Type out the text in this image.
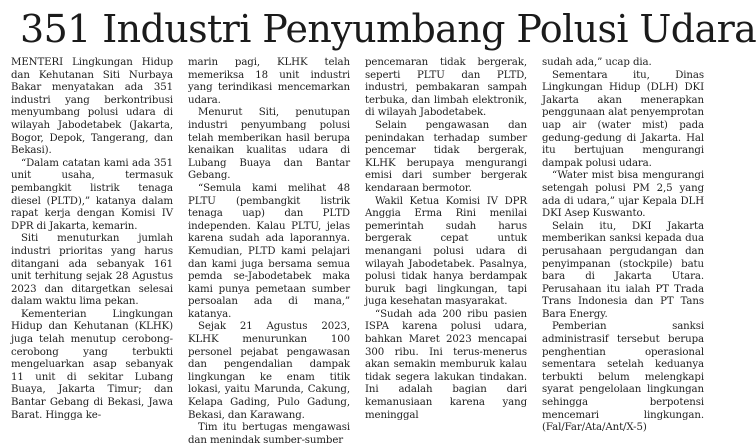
351 Industri Penyumbang Polusi Udara

MENTERI Lingkungan Hidup dan Kehutanan Siti Nurbaya Bakar menyatakan ada 351 industri yang berkontribusi menyumbang polusi udara di wilayah Jabodetabek (Jakarta, Bogor, Depok, Tangerang, dan Bekasi).

“Dalam catatan kami ada 351 unit usaha, termasuk pembangkit listrik tenaga diesel (PLTD),” katanya dalam rapat kerja dengan Komisi IV DPR di Jakarta, kemarin.

Siti menuturkan jumlah industri prioritas yang harus ditangani ada sebanyak 161 unit terhitung sejak 28 Agustus 2023 dan ditargetkan selesai dalam waktu lima pekan.

Kementerian Lingkungan Hidup dan Kehutanan (KLHK) juga telah menutup cerobong-cerobong yang terbukti mengeluarkan asap sebanyak 11 unit di sekitar Lubang Buaya, Jakarta Timur; dan Bantar Gebang di Bekasi, Jawa Barat. Hingga ke-

marin pagi, KLHK telah memeriksa 18 unit industri yang terindikasi mencemarkan udara.

Menurut Siti, penutupan industri penyumbang polusi telah memberikan hasil berupa kenaikan kualitas udara di Lubang Buaya dan Bantar Gebang.

“Semula kami melihat 48 PLTU (pembangkit listrik tenaga uap) dan PLTD independen. Kalau PLTU, jelas karena sudah ada laporannya. Kemudian, PLTD kami pelajari dan kami juga bersama semua pemda se-Jabodetabek maka kami punya pemetaan sumber persoalan ada di mana,” katanya.

Sejak 21 Agustus 2023, KLHK menurunkan 100 personel pejabat pengawasan dan pengendalian dampak lingkungan ke enam titik lokasi, yaitu Marunda, Cakung, Kelapa Gading, Pulo Gadung, Bekasi, dan Karawang.

Tim itu bertugas mengawasi dan menindak sumber-sumber

pencemaran tidak bergerak, seperti PLTU dan PLTD, industri, pembakaran sampah terbuka, dan limbah elektronik, di wilayah Jabodetabek.

Selain pengawasan dan penindakan terhadap sumber pencemar tidak bergerak, KLHK berupaya mengurangi emisi dari sumber bergerak kendaraan bermotor.

Wakil Ketua Komisi IV DPR Anggia Erma Rini menilai pemerintah sudah harus bergerak cepat untuk menangani polusi udara di wilayah Jabodetabek. Pasalnya, polusi tidak hanya berdampak buruk bagi lingkungan, tapi juga kesehatan masyarakat.

“Sudah ada 200 ribu pasien ISPA karena polusi udara, bahkan Maret 2023 mencapai 300 ribu. Ini terus-menerus akan semakin memburuk kalau tidak segera lakukan tindakan. Ini adalah bagian dari kemanusiaan karena yang meninggal

sudah ada,” ucap dia.

Sementara itu, Dinas Lingkungan Hidup (DLH) DKI Jakarta akan menerapkan penggunaan alat penyemprotan uap air (water mist) pada gedung-gedung di Jakarta. Hal itu bertujuan mengurangi dampak polusi udara.

“Water mist bisa mengurangi setengah polusi PM 2,5 yang ada di udara,” ujar Kepala DLH DKI Asep Kuswanto.

Selain itu, DKI Jakarta memberikan sanksi kepada dua perusahaan pergudangan dan penyimpanan (stockpile) batu bara di Jakarta Utara. Perusahaan itu ialah PT Trada Trans Indonesia dan PT Tans Bara Energy.

Pemberian sanksi administrasif tersebut berupa penghentian operasional sementara setelah keduanya terbukti belum melengkapi syarat pengelolaan lingkungan sehingga berpotensi mencemari lingkungan. (Fal/Far/Ata/Ant/X-5)
